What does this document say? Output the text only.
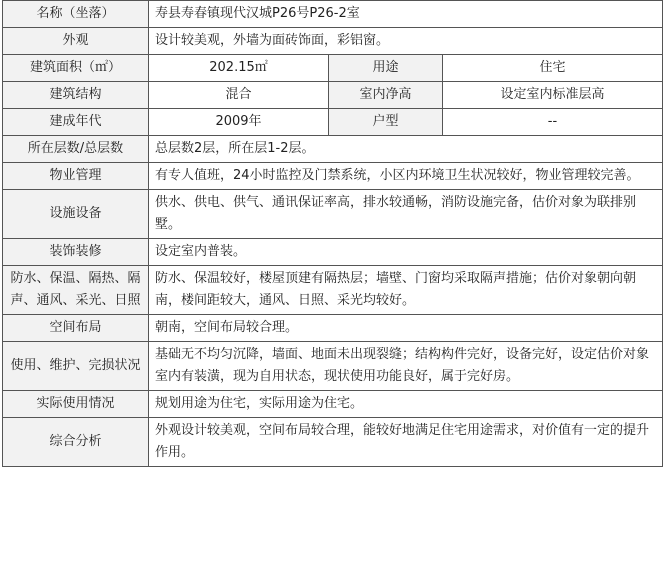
名称（坐落）	寿县寿春镇现代汉城P26号P26-2室		
外观	设计较美观，外墙为面砖饰面，彩铝窗。		
建筑面积（㎡）	202.15㎡	用途	住宅
建筑结构	混合	室内净高	设定室内标准层高
建成年代	2009年	户型	--
所在层数/总层数	总层数2层，所在层1-2层。		
物业管理	有专人值班，24小时监控及门禁系统，小区内环境卫生状况较好，物业管理较完善。		
设施设备	供水、供电、供气、通讯保证率高，排水较通畅，消防设施完备，估价对象为联排别墅。		
装饰装修	设定室内普装。		
防水、保温、隔热、隔声、通风、采光、日照	防水、保温较好，楼屋顶建有隔热层；墙壁、门窗均采取隔声措施；估价对象朝向朝南，楼间距较大，通风、日照、采光均较好。		
空间布局	朝南，空间布局较合理。		
使用、维护、完损状况	基础无不均匀沉降，墙面、地面未出现裂缝；结构构件完好，设备完好，设定估价对象室内有装潢，现为自用状态，现状使用功能良好，属于完好房。		
实际使用情况	规划用途为住宅，实际用途为住宅。		
综合分析	外观设计较美观，空间布局较合理，能较好地满足住宅用途需求，对价值有一定的提升作用。		
